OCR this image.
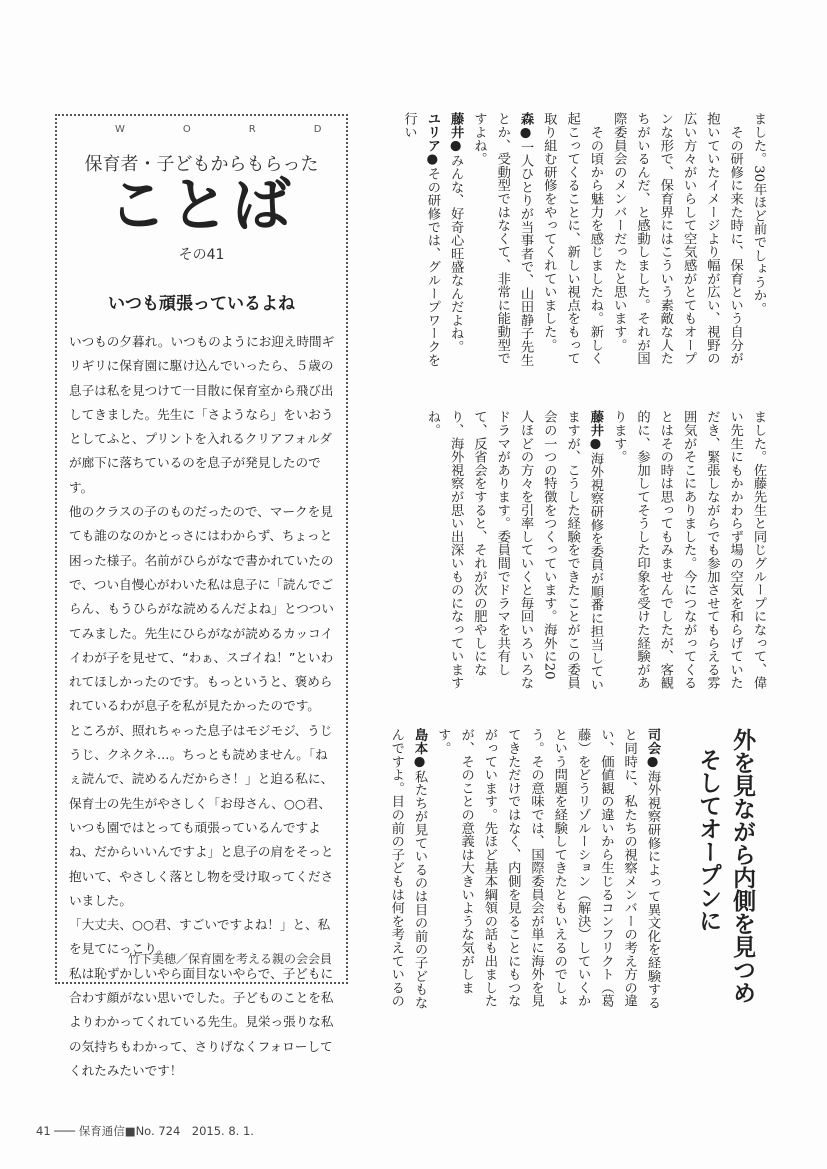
WORD
保育者・子どもからもらった
ことば
その41
いつも頑張っているよね

いつもの夕暮れ。いつものようにお迎え時間ギリギリに保育園に駆け込んでいったら、５歳の息子は私を見つけて一目散に保育室から飛び出してきました。先生に「さようなら」をいおうとしてふと、プリントを入れるクリアフォルダが廊下に落ちているのを息子が発見したのです。

他のクラスの子のものだったので、マークを見ても誰のなのかとっさにはわからず、ちょっと困った様子。名前がひらがなで書かれていたので、つい自慢心がわいた私は息子に「読んでごらん、もうひらがな読めるんだよね」とつついてみました。先生にひらがなが読めるカッコイイわが子を見せて、“わぁ、スゴイね！”といわれてほしかったのです。もっというと、褒められているわが息子を私が見たかったのです。

ところが、照れちゃった息子はモジモジ、うじうじ、クネクネ…。ちっとも読めません。「ねぇ読んで、読めるんだからさ！」と迫る私に、保育士の先生がやさしく「お母さん、○○君、いつも園ではとっても頑張っているんですよね、だからいいんですよ」と息子の肩をそっと抱いて、やさしく落とし物を受け取ってくださいました。

「大丈夫、○○君、すごいですよね！」と、私を見てにっこり。

私は恥ずかしいやら面目ないやらで、子どもに合わす顔がない思いでした。子どものことを私よりわかってくれている先生。見栄っ張りな私の気持ちもわかって、さりげなくフォローしてくれたみたいです！

竹下美穂／保育園を考える親の会会員

ました。30年ほど前でしょうか。

　その研修に来た時に、保育という自分が抱いていたイメージより幅が広い、視野の広い方々がいらして空気感がとてもオープンな形で、保育界にはこういう素敵な人たちがいるんだ、と感動しました。それが国際委員会のメンバーだったと思います。

　その頃から魅力を感じましたね。新しく起こってくることに、新しい視点をもって取り組む研修をやってくれていました。

森●一人ひとりが当事者で、山田静子先生とか、受動型ではなくて、非常に能動型ですよね。

藤井●みんな、好奇心旺盛なんだよね。

ユリア●その研修では、グループワークを行い

ました。佐藤先生と同じグループになって、偉い先生にもかかわらず場の空気を和らげていただき、緊張しながらでも参加させてもらえる雰囲気がそこにありました。今につながってくるとはその時は思ってもみませんでしたが、客観的に、参加してそうした印象を受けた経験があります。

藤井●海外視察研修を委員が順番に担当していますが、こうした経験をできたことがこの委員会の一つの特徴をつくっています。海外に20人ほどの方々を引率していくと毎回いろいろなドラマがあります。委員間でドラマを共有して、反省会をすると、それが次の肥やしになり、海外視察が思い出深いものになっていますね。

外を見ながら内側を見つめ

そしてオープンに

司会●海外視察研修によって異文化を経験すると同時に、私たちの視察メンバーの考え方の違い、価値観の違いから生じるコンフリクト（葛藤）をどうリゾルーション（解決）していくかという問題を経験してきたともいえるのでしょう。その意味では、国際委員会が単に海外を見てきただけではなく、内側を見ることにもつながっています。先ほど基本綱領の話も出ましたが、そのことの意義は大きいような気がします。

島本●私たちが見ているのは目の前の子どもなんですよ。目の前の子どもは何を考えているの

41 ─── 保育通信■No. 724　2015. 8. 1.
